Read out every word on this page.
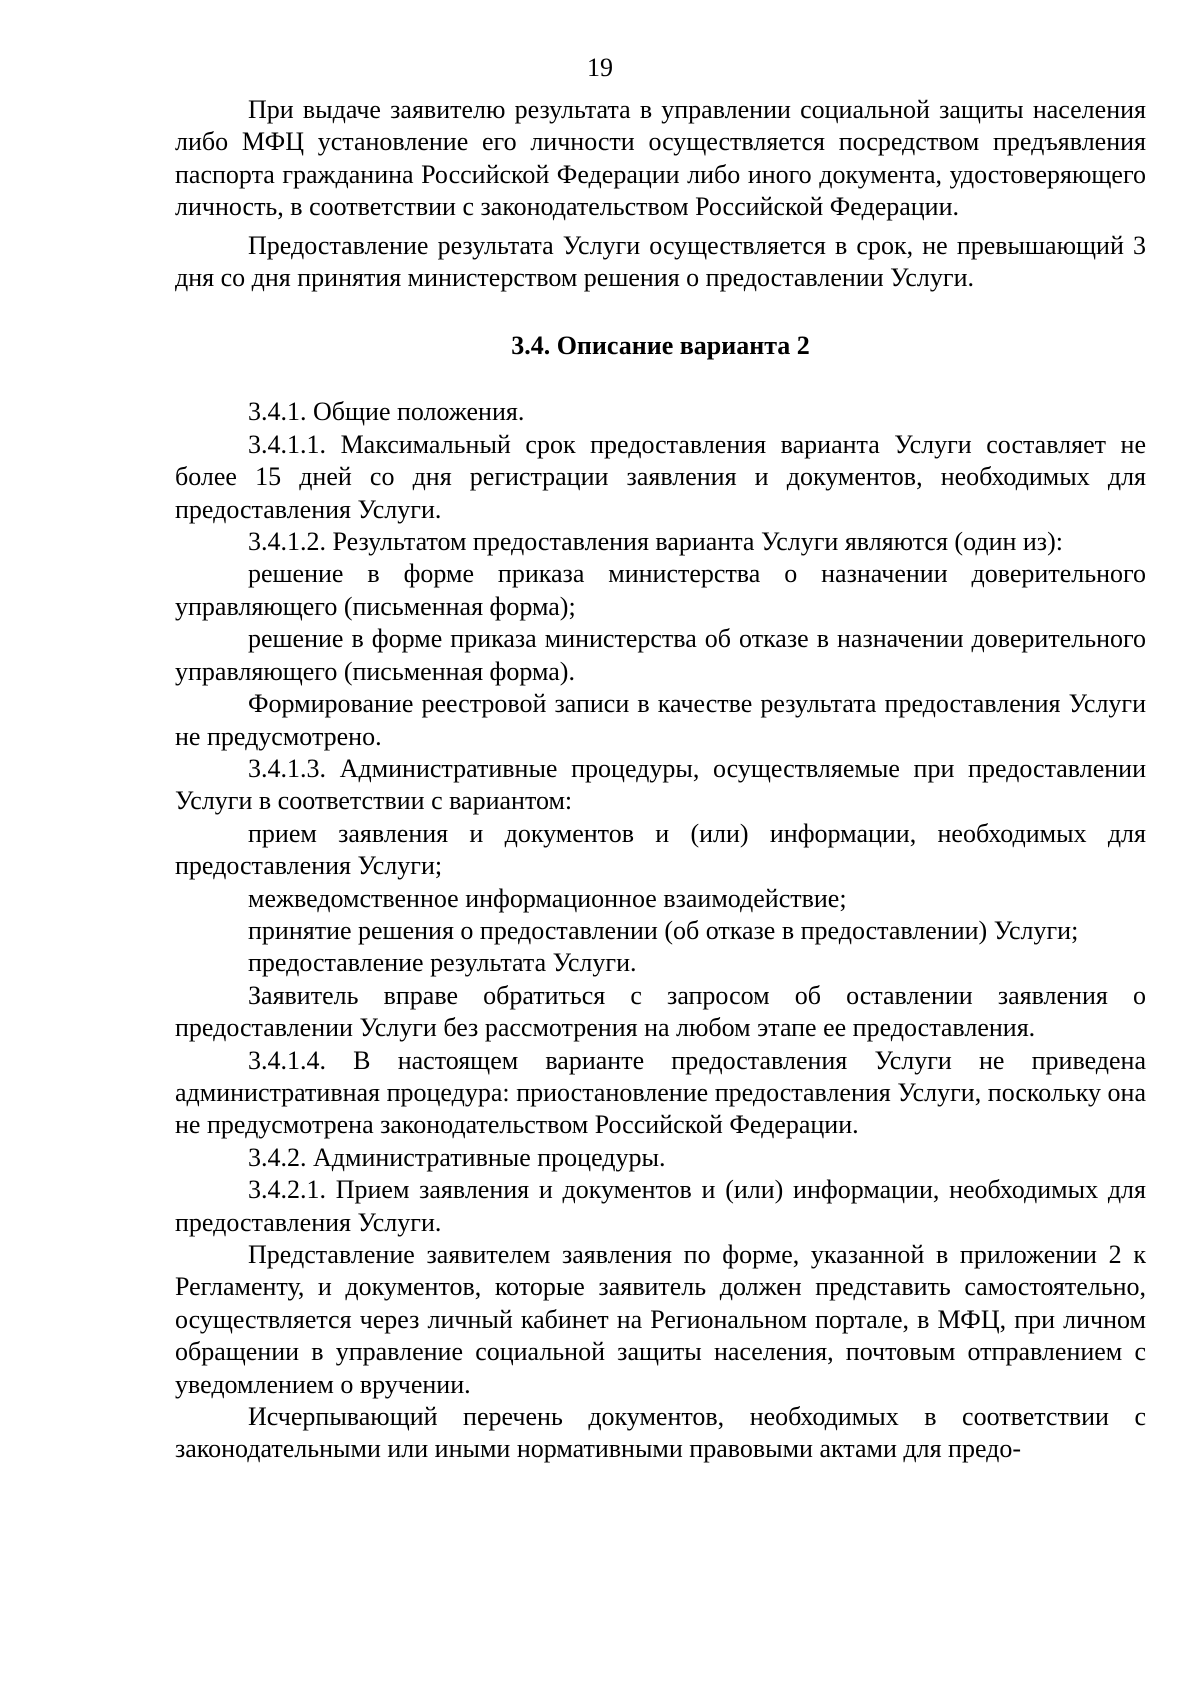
19

При выдаче заявителю результата в управлении социальной защиты населения либо МФЦ установление его личности осуществляется посредством предъявления паспорта гражданина Российской Федерации либо иного документа, удостоверяющего личность, в соответствии с законодательством Российской Федерации.

Предоставление результата Услуги осуществляется в срок, не превышающий 3 дня со дня принятия министерством решения о предоставлении Услуги.

3.4. Описание варианта 2

3.4.1. Общие положения.

3.4.1.1. Максимальный срок предоставления варианта Услуги составляет не более 15 дней со дня регистрации заявления и документов, необходимых для предоставления Услуги.

3.4.1.2. Результатом предоставления варианта Услуги являются (один из):

решение в форме приказа министерства о назначении доверительного управляющего (письменная форма);

решение в форме приказа министерства об отказе в назначении доверительного управляющего (письменная форма).

Формирование реестровой записи в качестве результата предоставления Услуги не предусмотрено.

3.4.1.3. Административные процедуры, осуществляемые при предоставлении Услуги в соответствии с вариантом:

прием заявления и документов и (или) информации, необходимых для предоставления Услуги;

межведомственное информационное взаимодействие;

принятие решения о предоставлении (об отказе в предоставлении) Услуги;

предоставление результата Услуги.

Заявитель вправе обратиться с запросом об оставлении заявления о предоставлении Услуги без рассмотрения на любом этапе ее предоставления.

3.4.1.4. В настоящем варианте предоставления Услуги не приведена административная процедура: приостановление предоставления Услуги, поскольку она не предусмотрена законодательством Российской Федерации.

3.4.2. Административные процедуры.

3.4.2.1. Прием заявления и документов и (или) информации, необходимых для предоставления Услуги.

Представление заявителем заявления по форме, указанной в приложении 2 к Регламенту, и документов, которые заявитель должен представить самостоятельно, осуществляется через личный кабинет на Региональном портале, в МФЦ, при личном обращении в управление социальной защиты населения, почтовым отправлением с уведомлением о вручении.

Исчерпывающий перечень документов, необходимых в соответствии с законодательными или иными нормативными правовыми актами для предо-
